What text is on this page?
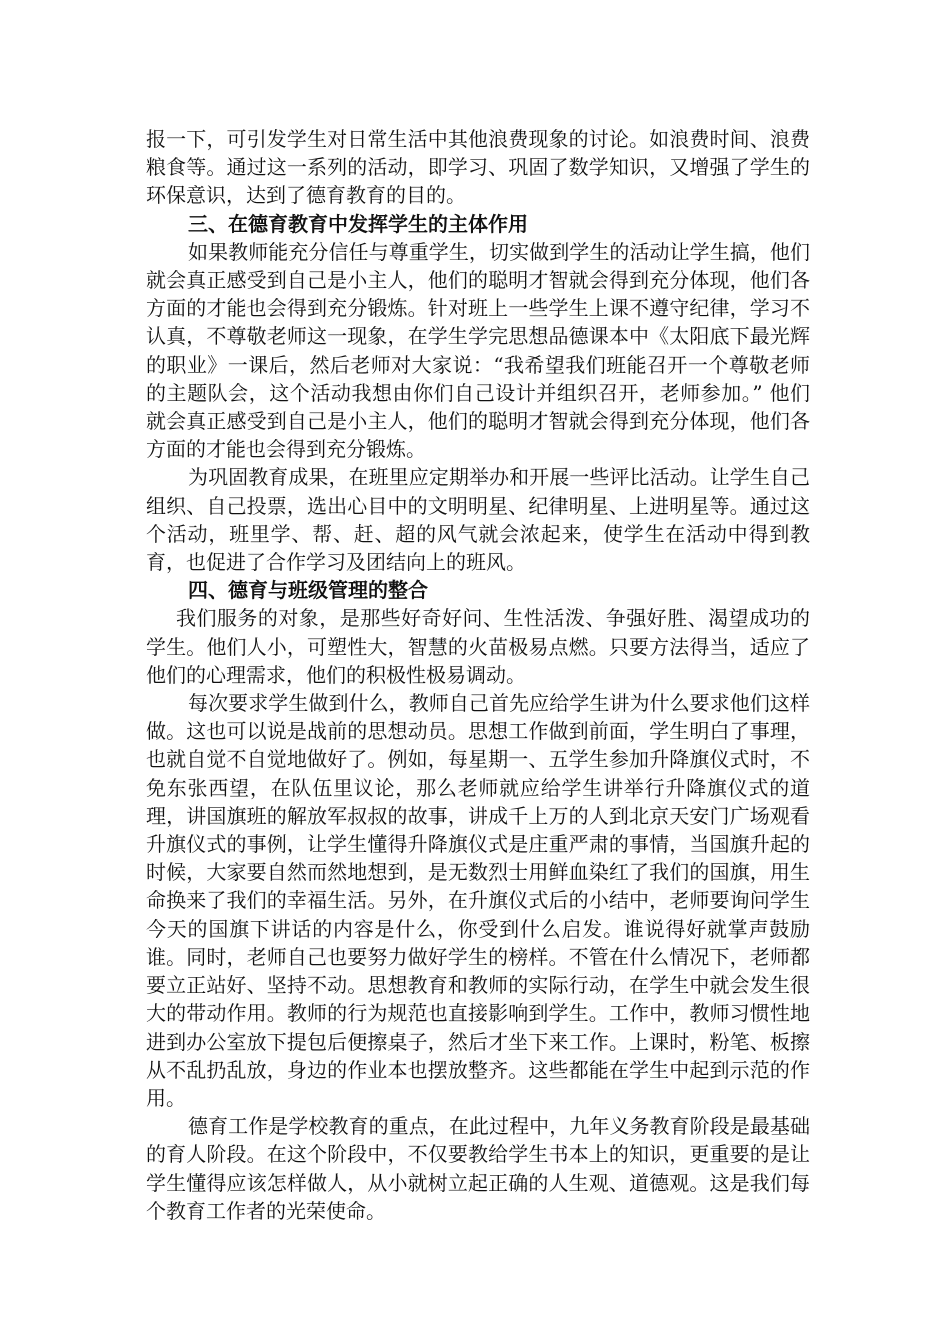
报一下，可引发学生对日常生活中其他浪费现象的讨论。如浪费时间、浪费粮食等。通过这一系列的活动，即学习、巩固了数学知识，又增强了学生的环保意识，达到了德育教育的目的。

三、在德育教育中发挥学生的主体作用

如果教师能充分信任与尊重学生，切实做到学生的活动让学生搞，他们就会真正感受到自己是小主人，他们的聪明才智就会得到充分体现，他们各方面的才能也会得到充分锻炼。针对班上一些学生上课不遵守纪律，学习不认真，不尊敬老师这一现象，在学生学完思想品德课本中《太阳底下最光辉的职业》一课后，然后老师对大家说：“我希望我们班能召开一个尊敬老师的主题队会，这个活动我想由你们自己设计并组织召开，老师参加。” 他们就会真正感受到自己是小主人，他们的聪明才智就会得到充分体现，他们各方面的才能也会得到充分锻炼。

为巩固教育成果，在班里应定期举办和开展一些评比活动。让学生自己组织、自己投票，选出心目中的文明明星、纪律明星、上进明星等。通过这个活动，班里学、帮、赶、超的风气就会浓起来，使学生在活动中得到教育，也促进了合作学习及团结向上的班风。

四、德育与班级管理的整合

我们服务的对象，是那些好奇好问、生性活泼、争强好胜、渴望成功的学生。他们人小，可塑性大，智慧的火苗极易点燃。只要方法得当，适应了他们的心理需求，他们的积极性极易调动。

每次要求学生做到什么，教师自己首先应给学生讲为什么要求他们这样做。这也可以说是战前的思想动员。思想工作做到前面，学生明白了事理，也就自觉不自觉地做好了。例如，每星期一、五学生参加升降旗仪式时，不免东张西望，在队伍里议论，那么老师就应给学生讲举行升降旗仪式的道理，讲国旗班的解放军叔叔的故事，讲成千上万的人到北京天安门广场观看升旗仪式的事例，让学生懂得升降旗仪式是庄重严肃的事情，当国旗升起的时候，大家要自然而然地想到，是无数烈士用鲜血染红了我们的国旗，用生命换来了我们的幸福生活。另外，在升旗仪式后的小结中，老师要询问学生今天的国旗下讲话的内容是什么，你受到什么启发。谁说得好就掌声鼓励谁。同时，老师自己也要努力做好学生的榜样。不管在什么情况下，老师都要立正站好、坚持不动。思想教育和教师的实际行动，在学生中就会发生很大的带动作用。教师的行为规范也直接影响到学生。工作中，教师习惯性地进到办公室放下提包后便擦桌子，然后才坐下来工作。上课时，粉笔、板擦从不乱扔乱放，身边的作业本也摆放整齐。这些都能在学生中起到示范的作用。

德育工作是学校教育的重点，在此过程中，九年义务教育阶段是最基础的育人阶段。在这个阶段中，不仅要教给学生书本上的知识，更重要的是让学生懂得应该怎样做人，从小就树立起正确的人生观、道德观。这是我们每个教育工作者的光荣使命。
